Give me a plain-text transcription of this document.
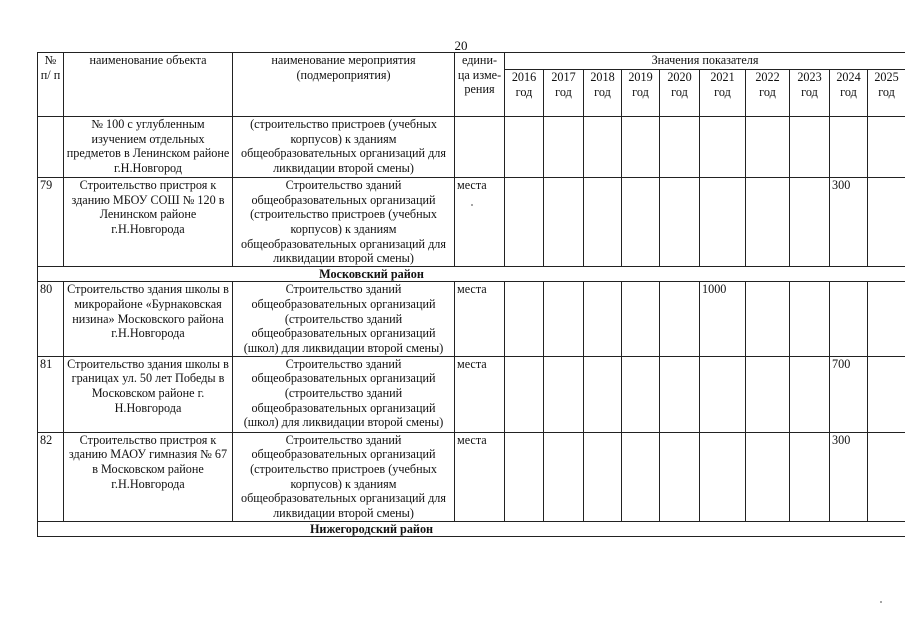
20
№ п/ п	наименование объекта	наименование мероприятия (подмероприятия)	едини-ца изме-рения	Значения показателя									
				2016 год	2017 год	2018 год	2019 год	2020 год	2021 год	2022 год	2023 год	2024 год	2025 год
	№ 100 с углубленным изучением отдельных предметов в Ленинском районе г.Н.Новгород	(строительство пристроев (учебных корпусов) к зданиям общеобразовательных организаций для ликвидации второй смены)											
79	Строительство пристроя к зданию МБОУ СОШ № 120 в Ленинском районе г.Н.Новгорода	Строительство зданий общеобразовательных организаций (строительство пристроев (учебных корпусов) к зданиям общеобразовательных организаций для ликвидации второй смены)	места									300	
Московский район													
80	Строительство здания школы в микрорайоне «Бурнаковская низина» Московского района г.Н.Новгорода	Строительство зданий общеобразовательных организаций (строительство зданий общеобразовательных организаций (школ) для ликвидации второй смены)	места						1000				
81	Строительство здания школы в границах ул. 50 лет Победы в Московском районе г. Н.Новгорода	Строительство зданий общеобразовательных организаций (строительство зданий общеобразовательных организаций (школ) для ликвидации второй смены)	места									700	
82	Строительство пристроя к зданию МАОУ гимназия № 67 в Московском районе г.Н.Новгорода	Строительство зданий общеобразовательных организаций (строительство пристроев (учебных корпусов) к зданиям общеобразовательных организаций для ликвидации второй смены)	места									300	
Нижегородский район													
